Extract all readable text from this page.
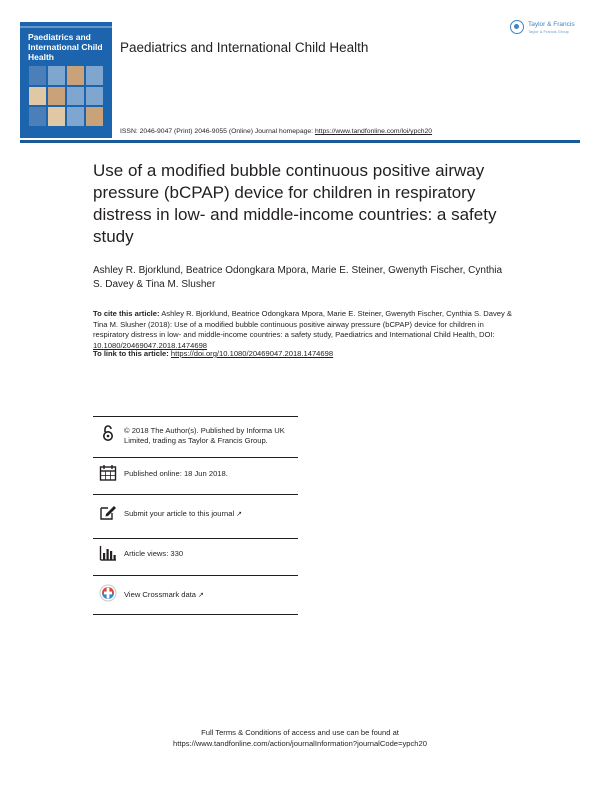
Paediatrics and International Child Health
Paediatrics and International Child Health
ISSN: 2046-9047 (Print) 2046-9055 (Online) Journal homepage: https://www.tandfonline.com/loi/ypch20
Taylor & Francis
Taylor & Francis Group
Use of a modified bubble continuous positive airway pressure (bCPAP) device for children in respiratory distress in low- and middle-income countries: a safety study
Ashley R. Bjorklund, Beatrice Odongkara Mpora, Marie E. Steiner, Gwenyth Fischer, Cynthia S. Davey & Tina M. Slusher
To cite this article: Ashley R. Bjorklund, Beatrice Odongkara Mpora, Marie E. Steiner, Gwenyth Fischer, Cynthia S. Davey & Tina M. Slusher (2018): Use of a modified bubble continuous positive airway pressure (bCPAP) device for children in respiratory distress in low- and middle-income countries: a safety study, Paediatrics and International Child Health, DOI: 10.1080/20469047.2018.1474698
To link to this article: https://doi.org/10.1080/20469047.2018.1474698
© 2018 The Author(s). Published by Informa UK Limited, trading as Taylor & Francis Group.
Published online: 18 Jun 2018.
Submit your article to this journal ↗
Article views: 330
View Crossmark data ↗
Full Terms & Conditions of access and use can be found at
https://www.tandfonline.com/action/journalInformation?journalCode=ypch20
